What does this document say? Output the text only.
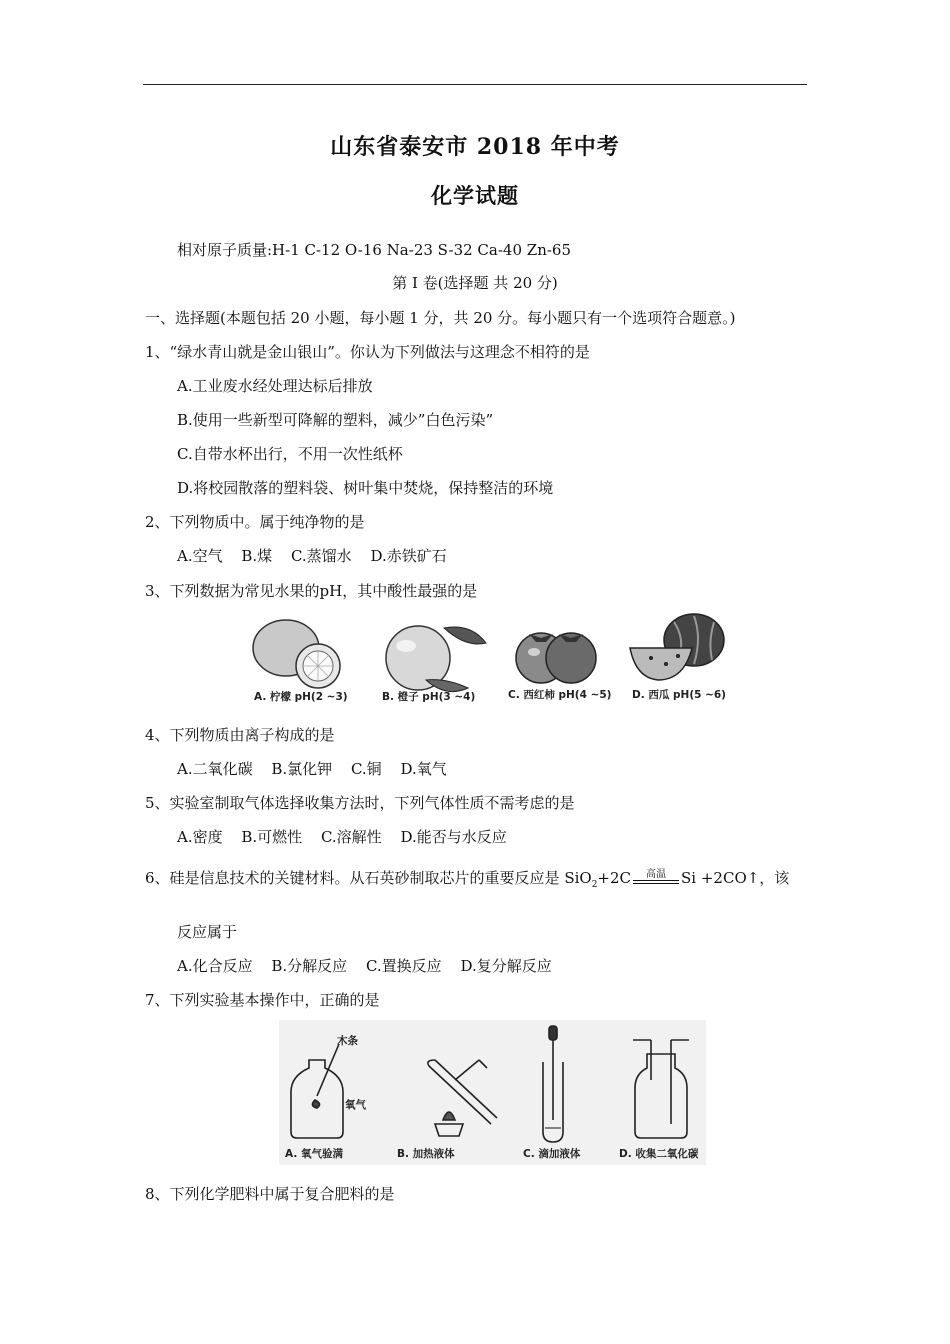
山东省泰安市 2018 年中考
化学试题
相对原子质量:H-1 C-12 O-16 Na-23 S-32 Ca-40 Zn-65
第 I 卷(选择题 共 20 分)
一、选择题(本题包括 20 小题，每小题 1 分，共 20 分。每小题只有一个选项符合题意。)
1、“绿水青山就是金山银山”。你认为下列做法与这理念不相符的是
A.工业废水经处理达标后排放
B.使用一些新型可降解的塑料，减少”白色污染”
C.自带水杯出行，不用一次性纸杯
D.将校园散落的塑料袋、树叶集中焚烧，保持整洁的环境
2、下列物质中。属于纯净物的是
A.空气 B.煤 C.蒸馏水 D.赤铁矿石
3、下列数据为常见水果的pH，其中酸性最强的是
A. 柠檬 pH(2 ~3)	B. 橙子 pH(3 ~4)	C. 西红柿 pH(4 ~5) D. 西瓜 pH(5 ~6)
4、下列物质由离子构成的是
A.二氧化碳 B.氯化钾 C.铜 D.氧气
5、实验室制取气体选择收集方法时，下列气体性质不需考虑的是
A.密度 B.可燃性 C.溶解性 D.能否与水反应
6、硅是信息技术的关键材料。从石英砂制取芯片的重要反应是 SiO$_2$+2C	高温	Si +2CO↑，该
反应属于
A.化合反应 B.分解反应 C.置换反应 D.复分解反应
7、下列实验基本操作中，正确的是
木条
氧气
A. 氧气验满	B. 加热液体	C. 滴加液体	D. 收集二氧化碳
8、下列化学肥料中属于复合肥料的是
